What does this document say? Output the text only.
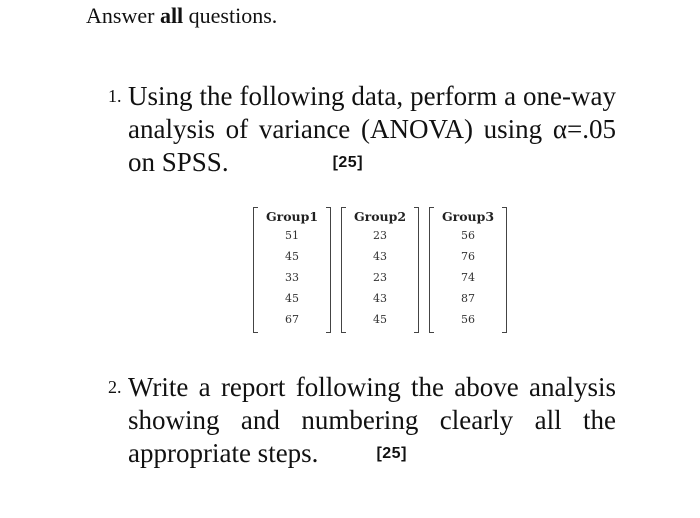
Answer all questions.
1. Using the following data, perform a one-way analysis of variance (ANOVA) using α=.05 on SPSS.	[25]
Group1
51
45
33
45
67
Group2
23
43
23
43
45
Group3
56
76
74
87
56
2. Write a report following the above analysis showing and numbering clearly all the appropriate steps.	[25]
